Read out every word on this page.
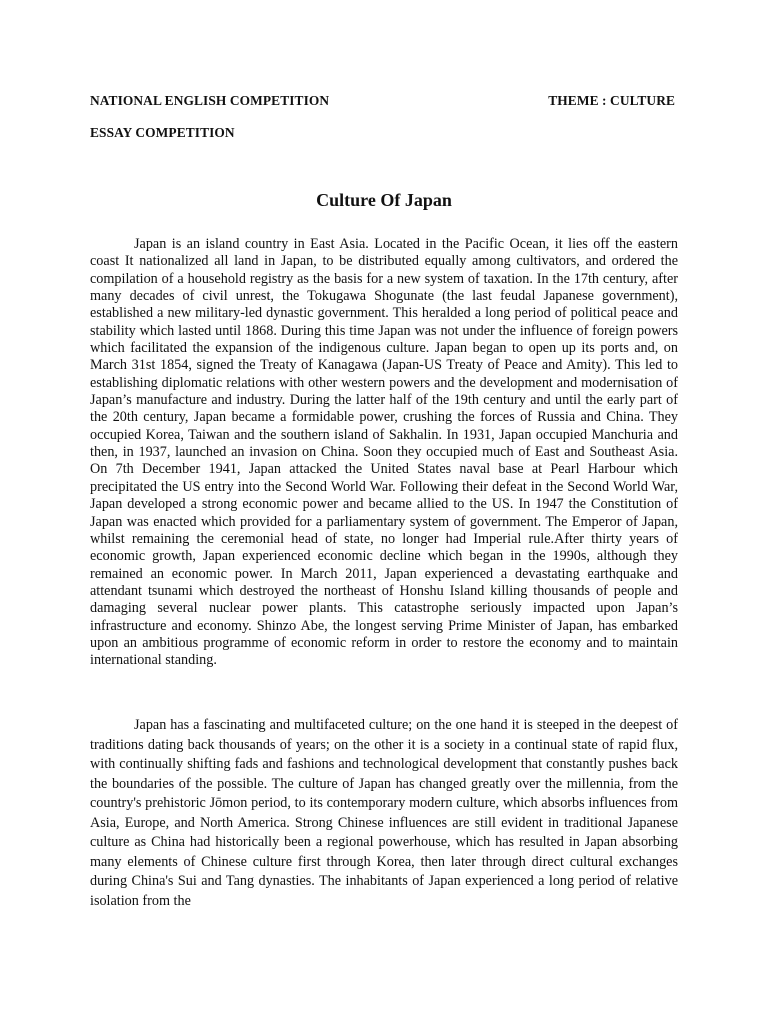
NATIONAL ENGLISH COMPETITION	THEME : CULTURE
ESSAY COMPETITION
Culture Of Japan

Japan is an island country in East Asia. Located in the Pacific Ocean, it lies off the eastern coast It nationalized all land in Japan, to be distributed equally among cultivators, and ordered the compilation of a household registry as the basis for a new system of taxation. In the 17th century, after many decades of civil unrest, the Tokugawa Shogunate (the last feudal Japanese government), established a new military-led dynastic government. This heralded a long period of political peace and stability which lasted until 1868. During this time Japan was not under the influence of foreign powers which facilitated the expansion of the indigenous culture. Japan began to open up its ports and, on March 31st 1854, signed the Treaty of Kanagawa (Japan-US Treaty of Peace and Amity). This led to establishing diplomatic relations with other western powers and the development and modernisation of Japan’s manufacture and industry. During the latter half of the 19th century and until the early part of the 20th century, Japan became a formidable power, crushing the forces of Russia and China. They occupied Korea, Taiwan and the southern island of Sakhalin. In 1931, Japan occupied Manchuria and then, in 1937, launched an invasion on China. Soon they occupied much of East and Southeast Asia. On 7th December 1941, Japan attacked the United States naval base at Pearl Harbour which precipitated the US entry into the Second World War. Following their defeat in the Second World War, Japan developed a strong economic power and became allied to the US. In 1947 the Constitution of Japan was enacted which provided for a parliamentary system of government. The Emperor of Japan, whilst remaining the ceremonial head of state, no longer had Imperial rule.After thirty years of economic growth, Japan experienced economic decline which began in the 1990s, although they remained an economic power. In March 2011, Japan experienced a devastating earthquake and attendant tsunami which destroyed the northeast of Honshu Island killing thousands of people and damaging several nuclear power plants. This catastrophe seriously impacted upon Japan’s infrastructure and economy. Shinzo Abe, the longest serving Prime Minister of Japan, has embarked upon an ambitious programme of economic reform in order to restore the economy and to maintain international standing.

Japan has a fascinating and multifaceted culture; on the one hand it is steeped in the deepest of traditions dating back thousands of years; on the other it is a society in a continual state of rapid flux, with continually shifting fads and fashions and technological development that constantly pushes back the boundaries of the possible. The culture of Japan has changed greatly over the millennia, from the country's prehistoric Jōmon period, to its contemporary modern culture, which absorbs influences from Asia, Europe, and North America. Strong Chinese influences are still evident in traditional Japanese culture as China had historically been a regional powerhouse, which has resulted in Japan absorbing many elements of Chinese culture first through Korea, then later through direct cultural exchanges during China's Sui and Tang dynasties. The inhabitants of Japan experienced a long period of relative isolation from the
